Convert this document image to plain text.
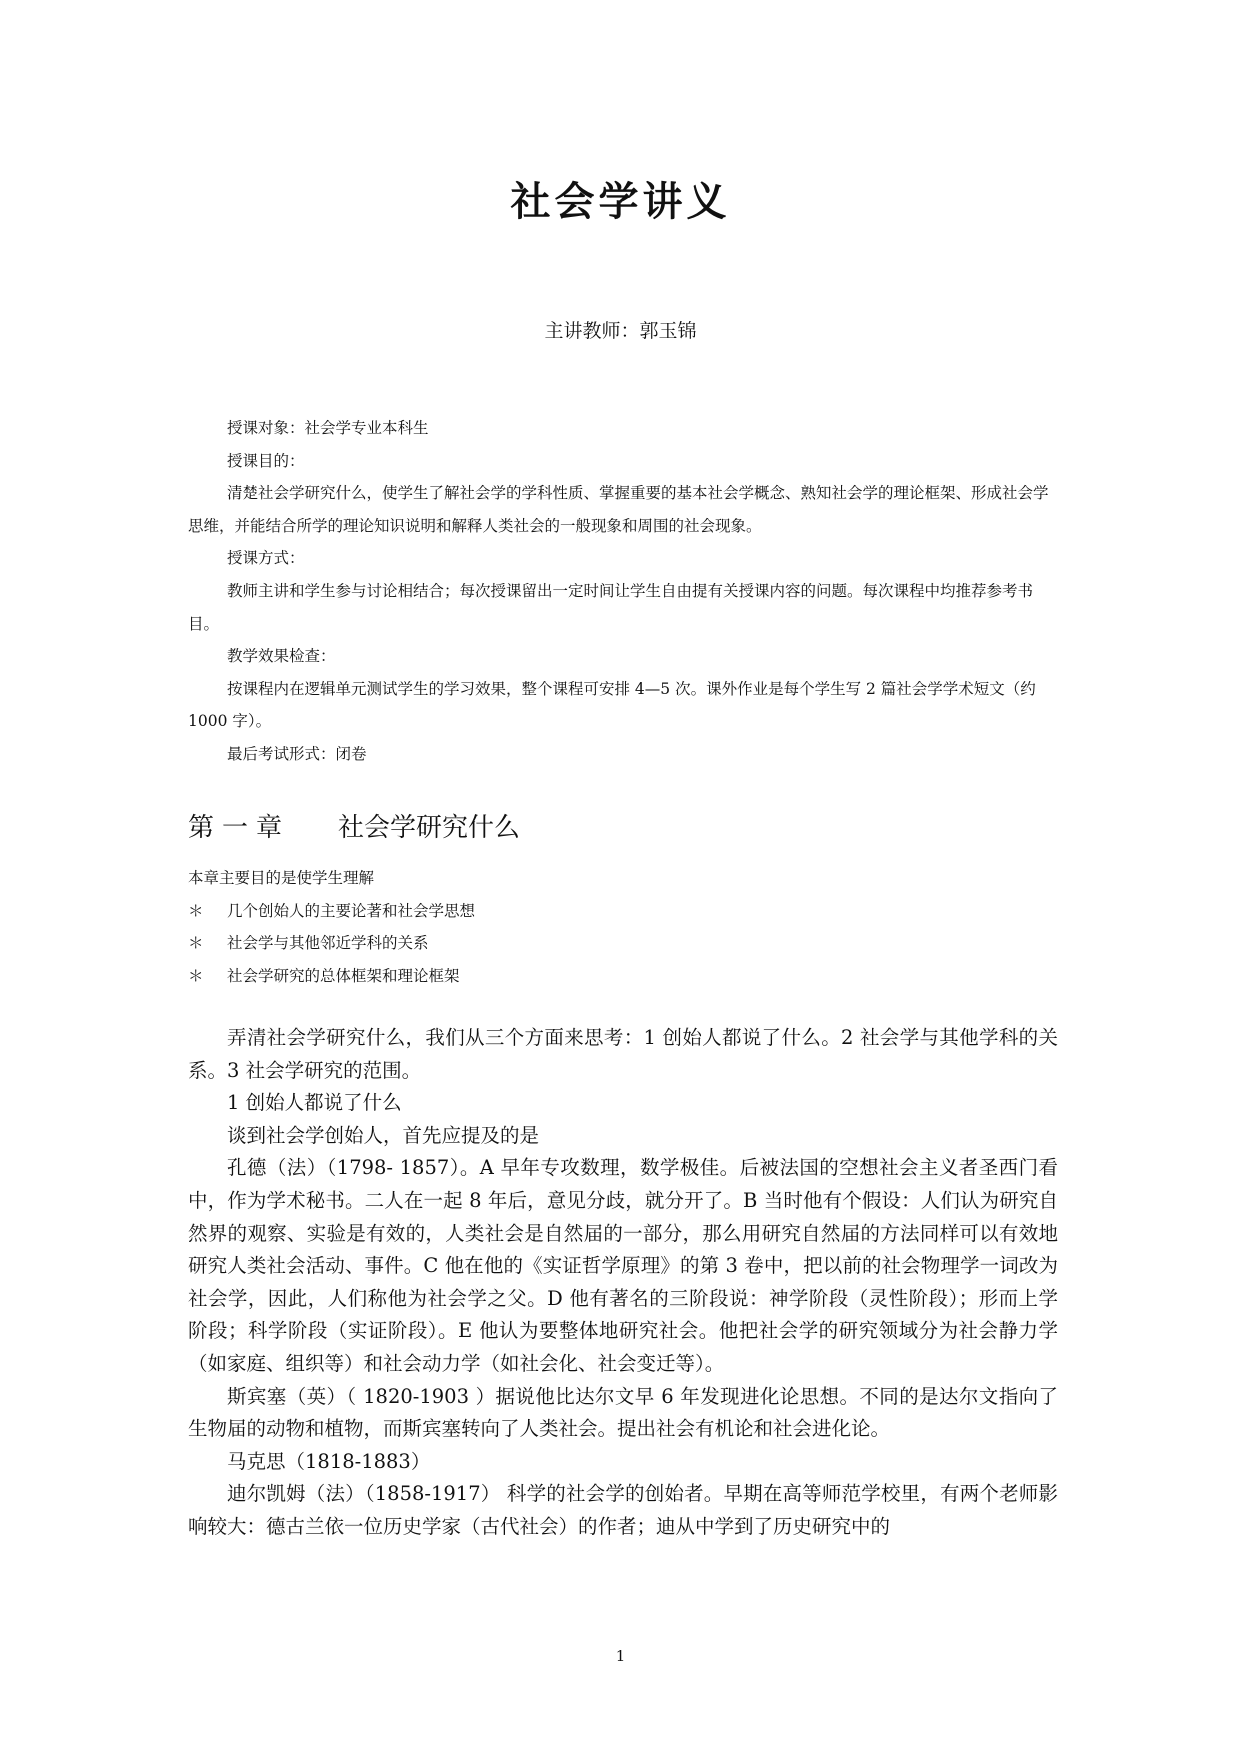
社会学讲义
主讲教师：郭玉锦

授课对象：社会学专业本科生

授课目的：

清楚社会学研究什么，使学生了解社会学的学科性质、掌握重要的基本社会学概念、熟知社会学的理论框架、形成社会学思维，并能结合所学的理论知识说明和解释人类社会的一般现象和周围的社会现象。

授课方式：

教师主讲和学生参与讨论相结合；每次授课留出一定时间让学生自由提有关授课内容的问题。每次课程中均推荐参考书目。

教学效果检查：

按课程内在逻辑单元测试学生的学习效果，整个课程可安排 4—5 次。课外作业是每个学生写 2 篇社会学学术短文（约 1000 字）。

最后考试形式：闭卷

第一章 社会学研究什么

本章主要目的是使学生理解

＊	几个创始人的主要论著和社会学思想
＊	社会学与其他邻近学科的关系
＊	社会学研究的总体框架和理论框架

弄清社会学研究什么，我们从三个方面来思考：1 创始人都说了什么。2 社会学与其他学科的关系。3 社会学研究的范围。

1 创始人都说了什么

谈到社会学创始人，首先应提及的是

孔德（法）（1798- 1857）。A 早年专攻数理，数学极佳。后被法国的空想社会主义者圣西门看中，作为学术秘书。二人在一起 8 年后，意见分歧，就分开了。B 当时他有个假设：人们认为研究自然界的观察、实验是有效的，人类社会是自然届的一部分，那么用研究自然届的方法同样可以有效地研究人类社会活动、事件。C 他在他的《实证哲学原理》的第 3 卷中，把以前的社会物理学一词改为社会学，因此，人们称他为社会学之父。D 他有著名的三阶段说：神学阶段（灵性阶段）；形而上学阶段；科学阶段（实证阶段）。E 他认为要整体地研究社会。他把社会学的研究领域分为社会静力学（如家庭、组织等）和社会动力学（如社会化、社会变迁等）。

斯宾塞（英）（ 1820-1903 ）据说他比达尔文早 6 年发现进化论思想。不同的是达尔文指向了生物届的动物和植物，而斯宾塞转向了人类社会。提出社会有机论和社会进化论。

马克思（1818-1883）

迪尔凯姆（法）（1858-1917） 科学的社会学的创始者。早期在高等师范学校里，有两个老师影响较大：德古兰依一位历史学家（古代社会）的作者；迪从中学到了历史研究中的

1
